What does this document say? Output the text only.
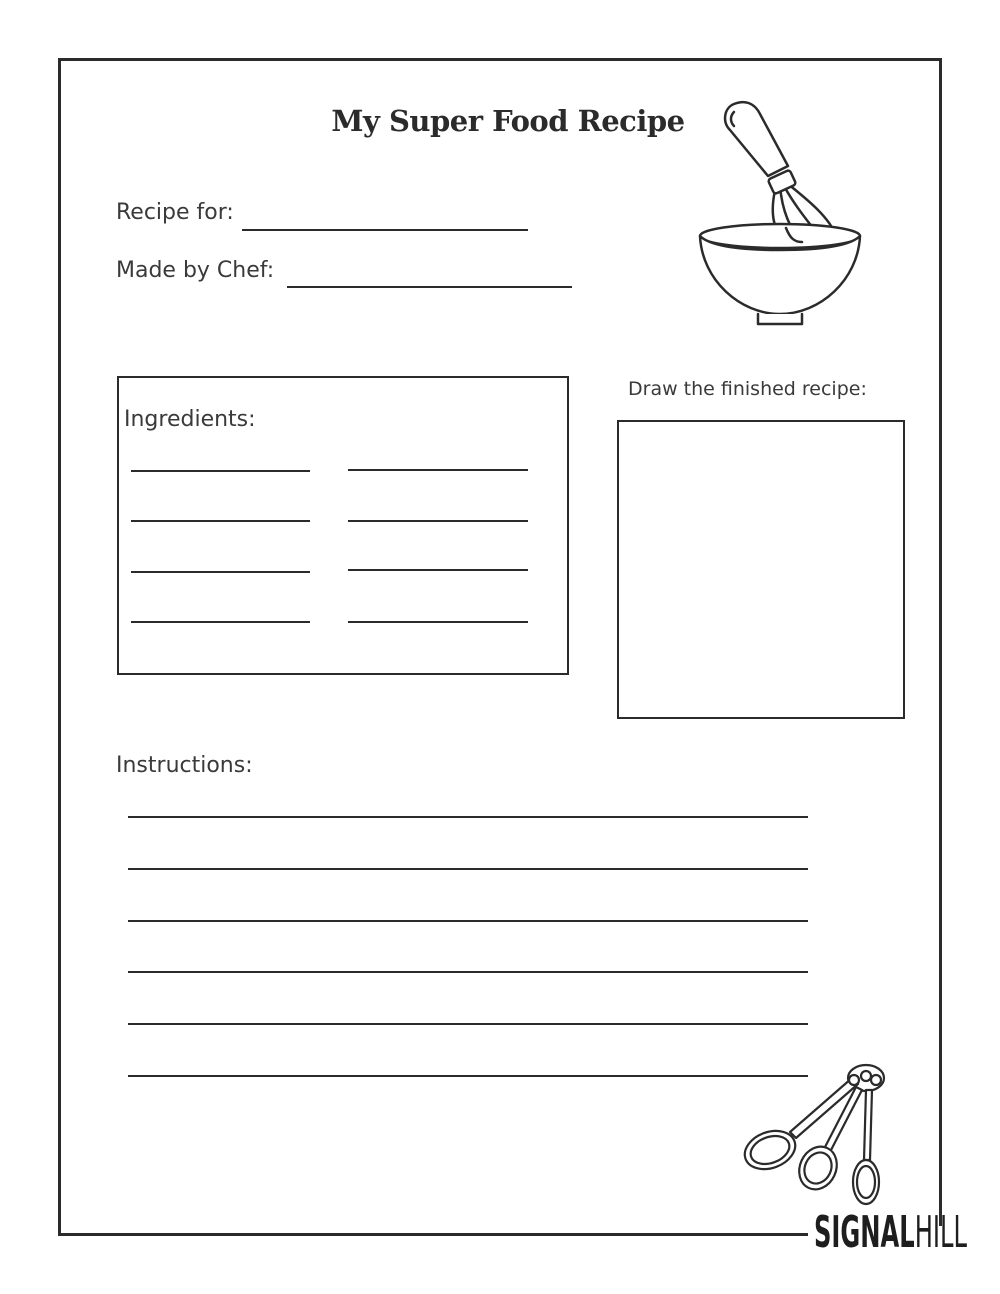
My Super Food Recipe
Recipe for:
Made by Chef:
Ingredients:
Draw the finished recipe:
Instructions:
SIGNALHILL
